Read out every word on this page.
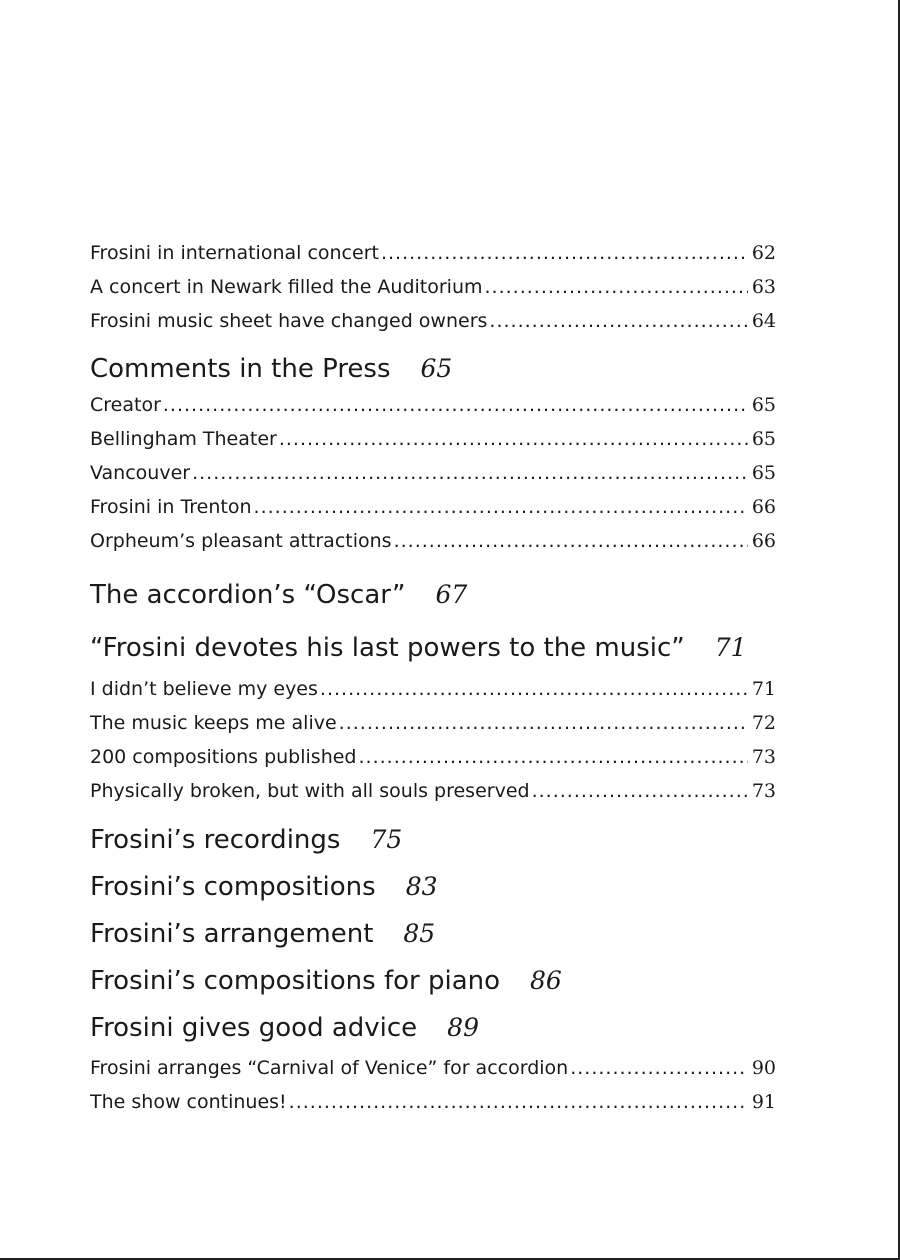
Frosini in international concert .....	62
A concert in Newark filled the Auditorium .....	63
Frosini music sheet have changed owners .....	64
Comments in the Press 65
Creator .....	65
Bellingham Theater .....	65
Vancouver .....	65
Frosini in Trenton .....	66
Orpheum’s pleasant attractions .....	66
The accordion’s “Oscar” 67
“Frosini devotes his last powers to the music” 71
I didn’t believe my eyes .....	71
The music keeps me alive .....	72
200 compositions published .....	73
Physically broken, but with all souls preserved .....	73
Frosini’s recordings 75
Frosini’s compositions 83
Frosini’s arrangement 85
Frosini’s compositions for piano 86
Frosini gives good advice 89
Frosini arranges “Carnival of Venice” for accordion .....	90
The show continues! .....	91
